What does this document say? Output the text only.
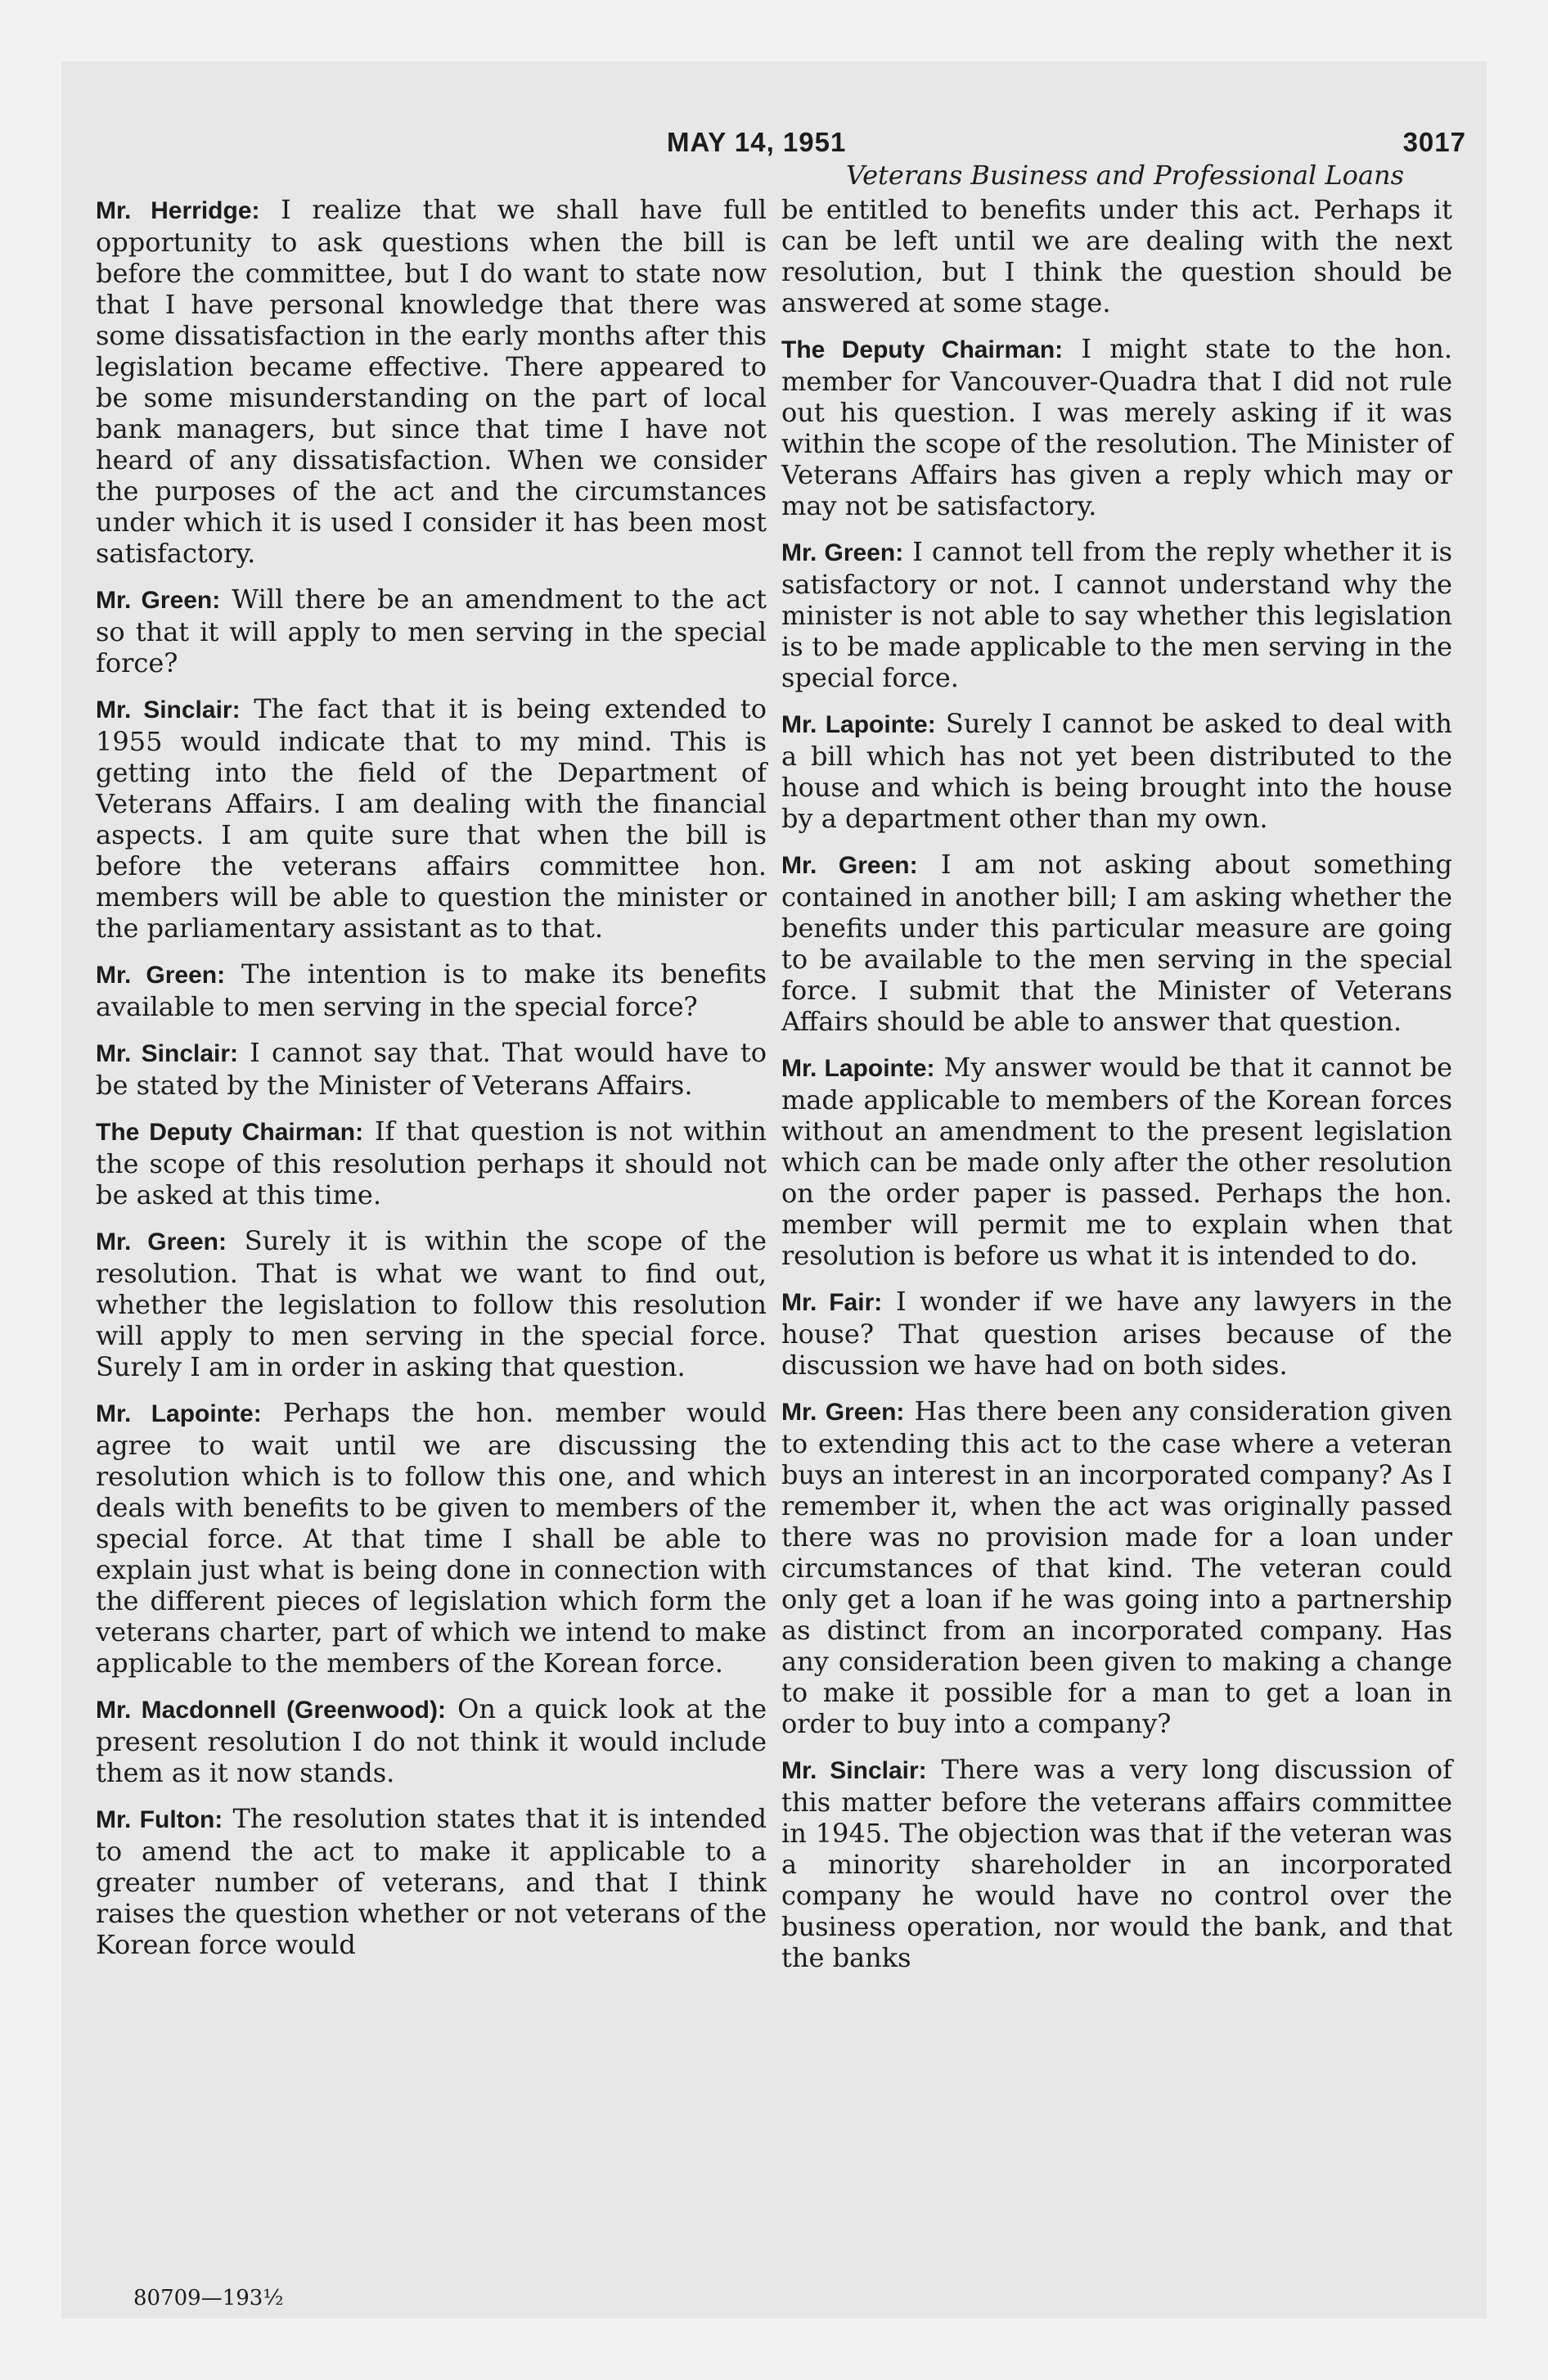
MAY 14, 1951	3017
Veterans Business and Professional Loans

Mr. Herridge: I realize that we shall have full opportunity to ask questions when the bill is before the committee, but I do want to state now that I have personal knowledge that there was some dissatisfaction in the early months after this legislation became effective. There appeared to be some misunderstanding on the part of local bank managers, but since that time I have not heard of any dissatisfaction. When we consider the purposes of the act and the circumstances under which it is used I consider it has been most satisfactory.

Mr. Green: Will there be an amendment to the act so that it will apply to men serving in the special force?

Mr. Sinclair: The fact that it is being extended to 1955 would indicate that to my mind. This is getting into the field of the Department of Veterans Affairs. I am dealing with the financial aspects. I am quite sure that when the bill is before the veterans affairs committee hon. members will be able to question the minister or the parliamentary assistant as to that.

Mr. Green: The intention is to make its benefits available to men serving in the special force?

Mr. Sinclair: I cannot say that. That would have to be stated by the Minister of Veterans Affairs.

The Deputy Chairman: If that question is not within the scope of this resolution perhaps it should not be asked at this time.

Mr. Green: Surely it is within the scope of the resolution. That is what we want to find out, whether the legislation to follow this resolution will apply to men serving in the special force. Surely I am in order in asking that question.

Mr. Lapointe: Perhaps the hon. member would agree to wait until we are discussing the resolution which is to follow this one, and which deals with benefits to be given to members of the special force. At that time I shall be able to explain just what is being done in connection with the different pieces of legislation which form the veterans charter, part of which we intend to make applicable to the members of the Korean force.

Mr. Macdonnell (Greenwood): On a quick look at the present resolution I do not think it would include them as it now stands.

Mr. Fulton: The resolution states that it is intended to amend the act to make it applicable to a greater number of veterans, and that I think raises the question whether or not veterans of the Korean force would

be entitled to benefits under this act. Perhaps it can be left until we are dealing with the next resolution, but I think the question should be answered at some stage.

The Deputy Chairman: I might state to the hon. member for Vancouver-Quadra that I did not rule out his question. I was merely asking if it was within the scope of the resolution. The Minister of Veterans Affairs has given a reply which may or may not be satisfactory.

Mr. Green: I cannot tell from the reply whether it is satisfactory or not. I cannot understand why the minister is not able to say whether this legislation is to be made applicable to the men serving in the special force.

Mr. Lapointe: Surely I cannot be asked to deal with a bill which has not yet been distributed to the house and which is being brought into the house by a department other than my own.

Mr. Green: I am not asking about something contained in another bill; I am asking whether the benefits under this particular measure are going to be available to the men serving in the special force. I submit that the Minister of Veterans Affairs should be able to answer that question.

Mr. Lapointe: My answer would be that it cannot be made applicable to members of the Korean forces without an amendment to the present legislation which can be made only after the other resolution on the order paper is passed. Perhaps the hon. member will permit me to explain when that resolution is before us what it is intended to do.

Mr. Fair: I wonder if we have any lawyers in the house? That question arises because of the discussion we have had on both sides.

Mr. Green: Has there been any consideration given to extending this act to the case where a veteran buys an interest in an incorporated company? As I remember it, when the act was originally passed there was no provision made for a loan under circumstances of that kind. The veteran could only get a loan if he was going into a partnership as distinct from an incorporated company. Has any consideration been given to making a change to make it possible for a man to get a loan in order to buy into a company?

Mr. Sinclair: There was a very long discussion of this matter before the veterans affairs committee in 1945. The objection was that if the veteran was a minority shareholder in an incorporated company he would have no control over the business operation, nor would the bank, and that the banks

80709—193½
